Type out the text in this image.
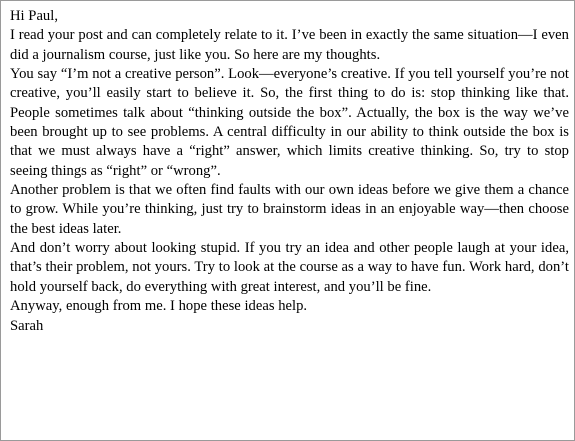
Hi Paul,

I read your post and can completely relate to it. I’ve been in exactly the same situation—I even did a journalism course, just like you. So here are my thoughts.

You say “I’m not a creative person”. Look—everyone’s creative. If you tell yourself you’re not creative, you’ll easily start to believe it. So, the first thing to do is: stop thinking like that. People sometimes talk about “thinking outside the box”. Actually, the box is the way we’ve been brought up to see problems. A central difficulty in our ability to think outside the box is that we must always have a “right” answer, which limits creative thinking. So, try to stop seeing things as “right” or “wrong”.

Another problem is that we often find faults with our own ideas before we give them a chance to grow. While you’re thinking, just try to brainstorm ideas in an enjoyable way—then choose the best ideas later.

And don’t worry about looking stupid. If you try an idea and other people laugh at your idea, that’s their problem, not yours. Try to look at the course as a way to have fun. Work hard, don’t hold yourself back, do everything with great interest, and you’ll be fine.

Anyway, enough from me. I hope these ideas help.

Sarah
